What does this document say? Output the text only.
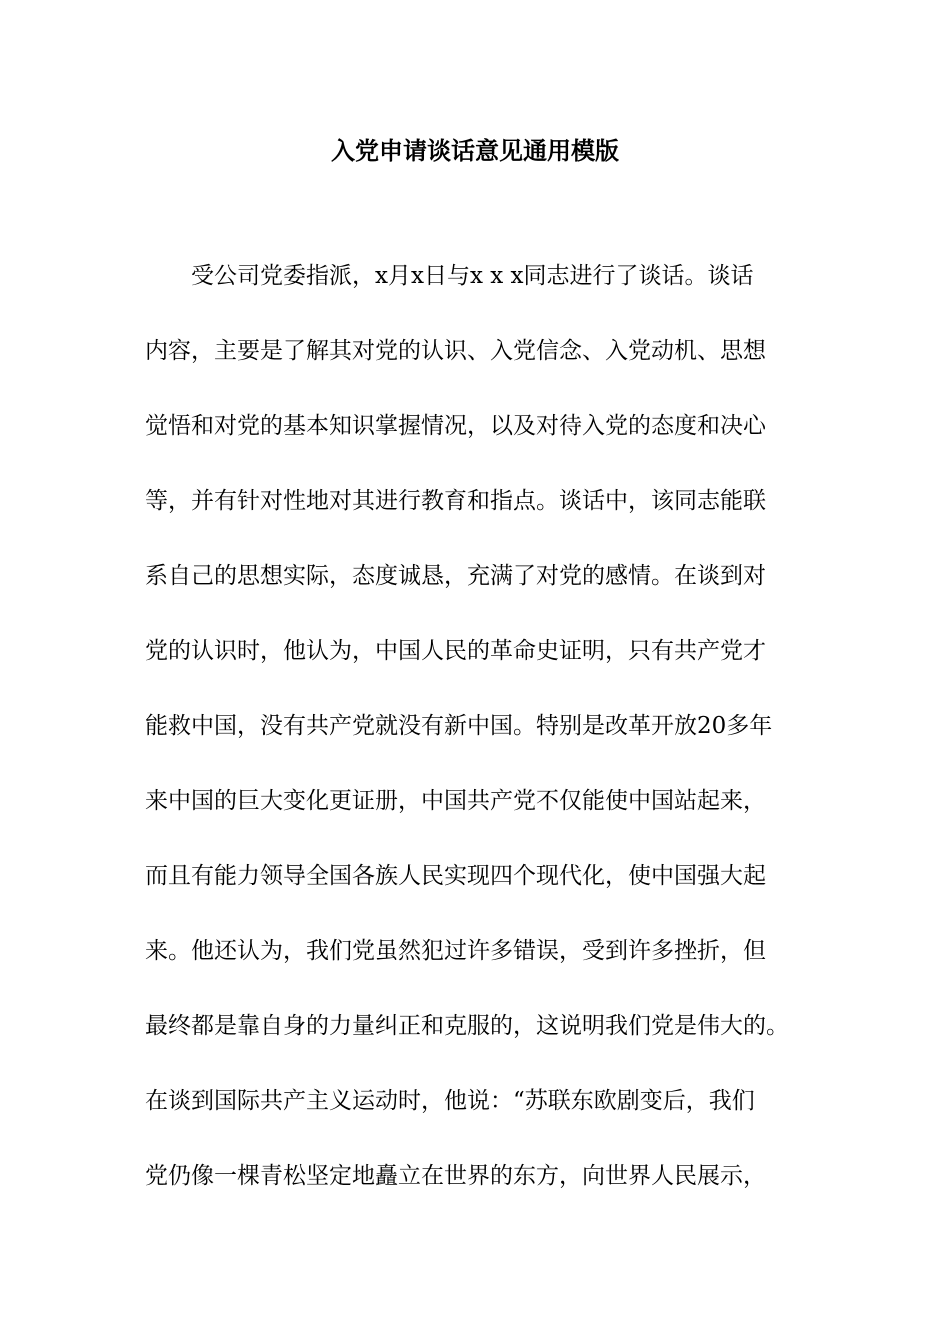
入党申请谈话意见通用模版
受公司党委指派，x月x日与x x x同志进行了谈话。谈话
内容，主要是了解其对党的认识、入党信念、入党动机、思想
觉悟和对党的基本知识掌握情况，以及对待入党的态度和决心
等，并有针对性地对其进行教育和指点。谈话中，该同志能联
系自己的思想实际，态度诚恳，充满了对党的感情。在谈到对
党的认识时，他认为，中国人民的革命史证明，只有共产党才
能救中国，没有共产党就没有新中国。特别是改革开放20多年
来中国的巨大变化更证册，中国共产党不仅能使中国站起来，
而且有能力领导全国各族人民实现四个现代化，使中国强大起
来。他还认为，我们党虽然犯过许多错误，受到许多挫折，但
最终都是靠自身的力量纠正和克服的，这说明我们党是伟大的。
在谈到国际共产主义运动时，他说：“苏联东欧剧变后，我们
党仍像一棵青松坚定地矗立在世界的东方，向世界人民展示，
